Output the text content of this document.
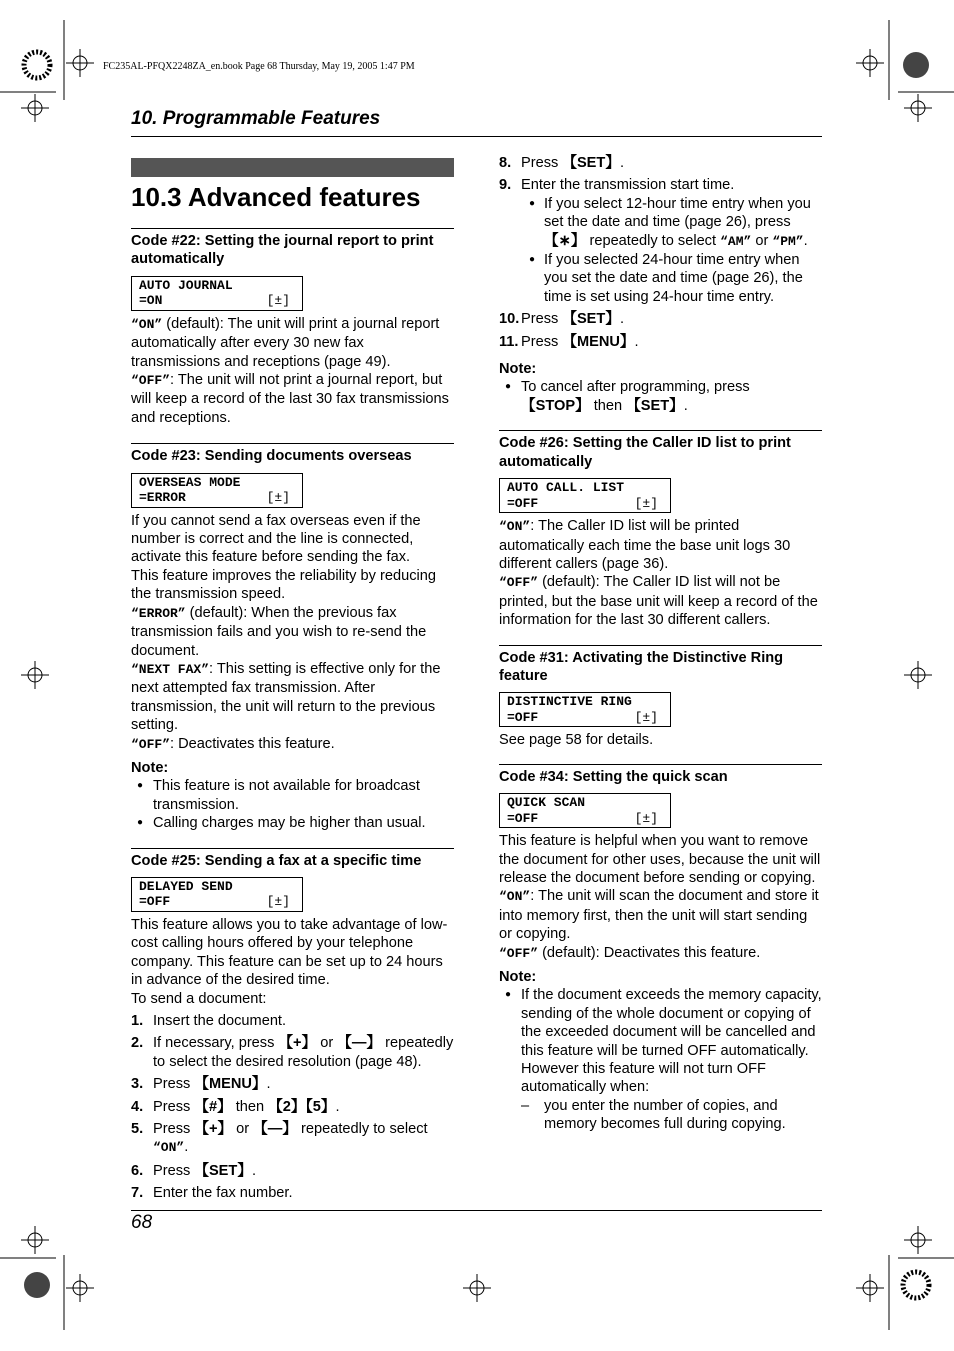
FC235AL-PFQX2248ZA_en.book Page 68 Thursday, May 19, 2005 1:47 PM
10. Programmable Features
10.3 Advanced features
Code #22: Setting the journal report to print automatically
AUTO JOURNAL
=ON	[±]

“ON” (default): The unit will print a journal report automatically after every 30 new fax transmissions and receptions (page 49).

“OFF”: The unit will not print a journal report, but will keep a record of the last 30 fax transmissions and receptions.

Code #23: Sending documents overseas
OVERSEAS MODE
=ERROR	[±]

If you cannot send a fax overseas even if the number is correct and the line is connected, activate this feature before sending the fax.

This feature improves the reliability by reducing the transmission speed.

“ERROR” (default): When the previous fax transmission fails and you wish to re-send the document.

“NEXT FAX”: This setting is effective only for the next attempted fax transmission. After transmission, the unit will return to the previous setting.

“OFF”: Deactivates this feature.

Note:
● This feature is not available for broadcast transmission.
● Calling charges may be higher than usual.
Code #25: Sending a fax at a specific time
DELAYED SEND
=OFF	[±]

This feature allows you to take advantage of low-cost calling hours offered by your telephone company. This feature can be set up to 24 hours in advance of the desired time.

To send a document:

1. Insert the document.
2. If necessary, press 【+】 or 【—】 repeatedly to select the desired resolution (page 48).
3. Press 【MENU】.
4. Press 【#】 then 【2】【5】.
5. Press 【+】 or 【—】 repeatedly to select “ON”.
6. Press 【SET】.
7. Enter the fax number.
8. Press 【SET】.
9. Enter the transmission start time.
● If you select 12-hour time entry when you set the date and time (page 26), press 【∗】 repeatedly to select “AM” or “PM”.
● If you selected 24-hour time entry when you set the date and time (page 26), the time is set using 24-hour time entry.
10. Press 【SET】.
11. Press 【MENU】.
Note:
● To cancel after programming, press 【STOP】 then 【SET】.
Code #26: Setting the Caller ID list to print automatically
AUTO CALL. LIST
=OFF	[±]

“ON”: The Caller ID list will be printed automatically each time the base unit logs 30 different callers (page 36).

“OFF” (default): The Caller ID list will not be printed, but the base unit will keep a record of the information for the last 30 different callers.

Code #31: Activating the Distinctive Ring feature
DISTINCTIVE RING
=OFF	[±]

See page 58 for details.

Code #34: Setting the quick scan
QUICK SCAN
=OFF	[±]

This feature is helpful when you want to remove the document for other uses, because the unit will release the document before sending or copying.

“ON”: The unit will scan the document and store it into memory first, then the unit will start sending or copying.

“OFF” (default): Deactivates this feature.

Note:
● If the document exceeds the memory capacity, sending of the whole document or copying of the exceeded document will be cancelled and this feature will be turned OFF automatically.
However this feature will not turn OFF automatically when:
– you enter the number of copies, and memory becomes full during copying.
68
